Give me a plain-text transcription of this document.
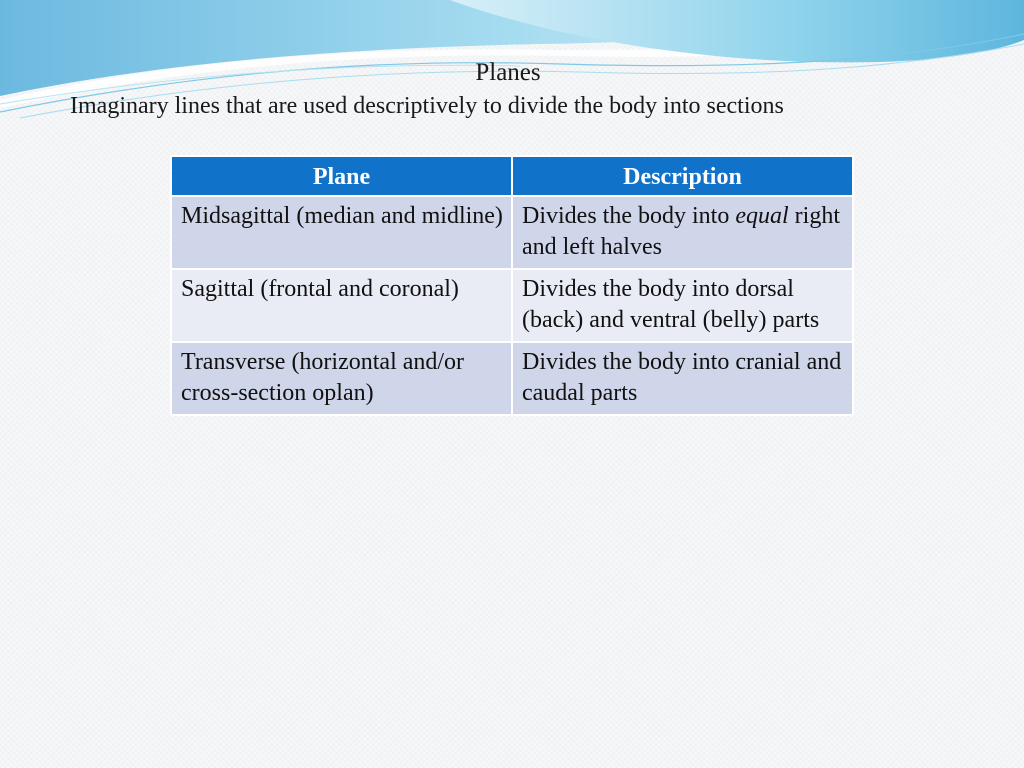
Planes
Imaginary lines that are used descriptively to divide the body into sections
Plane	Description
Midsagittal (median and midline)	Divides the body into equal right and left halves
Sagittal (frontal and coronal)	Divides the body into dorsal (back) and ventral (belly) parts
Transverse (horizontal and/or cross-section oplan)	Divides the body into cranial and caudal parts
